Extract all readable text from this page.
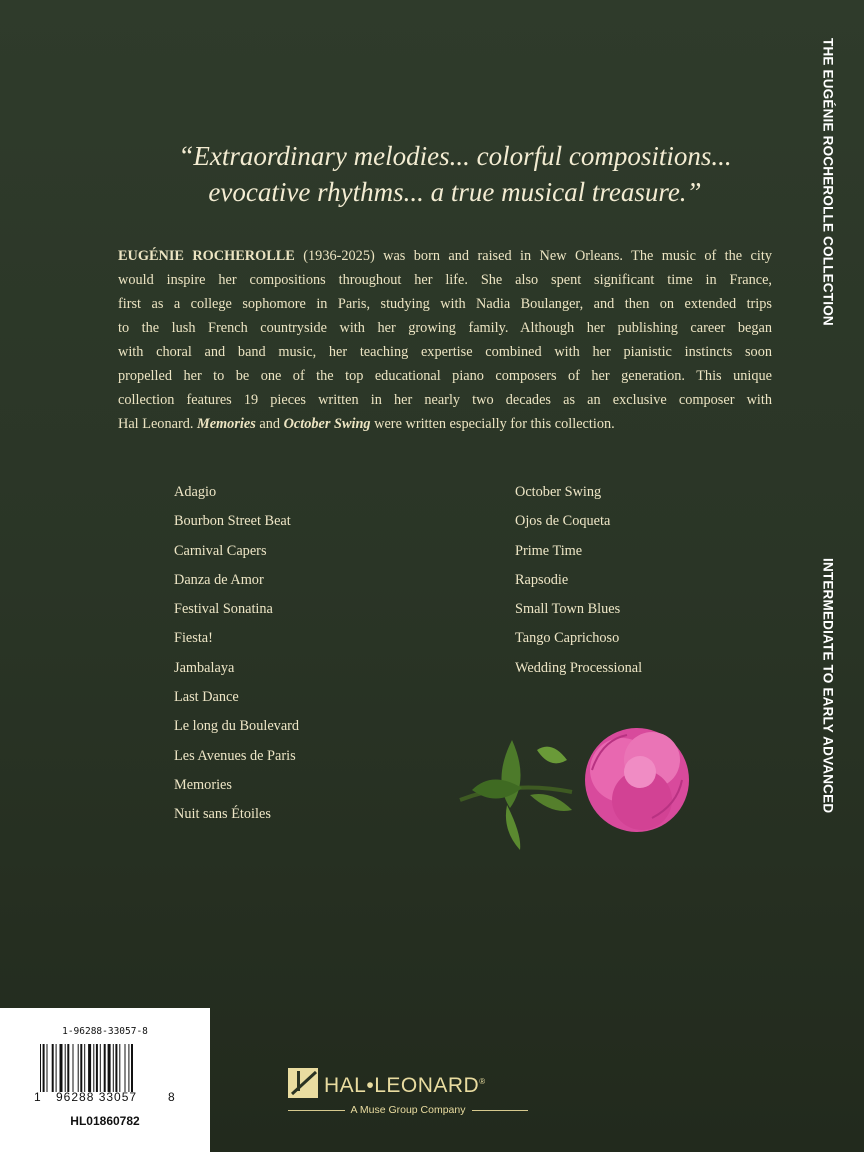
THE EUGÉNIE ROCHEROLLE COLLECTION
INTERMEDIATE TO EARLY ADVANCED
“Extraordinary melodies... colorful compositions...
evocative rhythms... a true musical treasure.”
EUGÉNIE ROCHEROLLE (1936-2025) was born and raised in New Orleans. The music of the city
would inspire her compositions throughout her life. She also spent significant time in France,
first as a college sophomore in Paris, studying with Nadia Boulanger, and then on extended trips
to the lush French countryside with her growing family. Although her publishing career began
with choral and band music, her teaching expertise combined with her pianistic instincts soon
propelled her to be one of the top educational piano composers of her generation. This unique
collection features 19 pieces written in her nearly two decades as an exclusive composer with
Hal Leonard. Memories and October Swing were written especially for this collection.
Adagio
Bourbon Street Beat
Carnival Capers
Danza de Amor
Festival Sonatina
Fiesta!
Jambalaya
Last Dance
Le long du Boulevard
Les Avenues de Paris
Memories
Nuit sans Étoiles
October Swing
Ojos de Coqueta
Prime Time
Rapsodie
Small Town Blues
Tango Caprichoso
Wedding Processional
1-96288-33057-8
1 96288 33057	8
HL01860782
HAL•LEONARD®
A Muse Group Company
